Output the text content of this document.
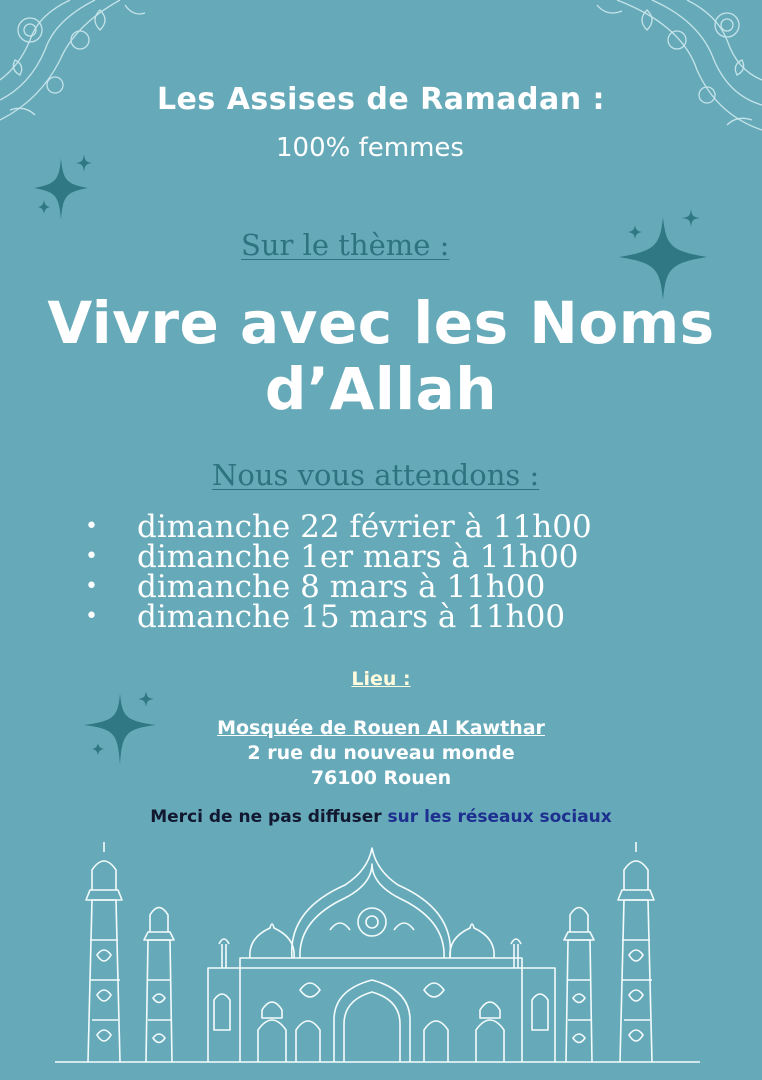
Les Assises de Ramadan :
100% femmes
Sur le thème :
Vivre avec les Noms
d’Allah
Nous vous attendons :
• dimanche 22 février à 11h00
• dimanche 1er mars à 11h00
• dimanche 8 mars à 11h00
• dimanche 15 mars à 11h00
Lieu :
Mosquée de Rouen Al Kawthar
2 rue du nouveau monde
76100 Rouen
Merci de ne pas diffuser sur les réseaux sociaux
